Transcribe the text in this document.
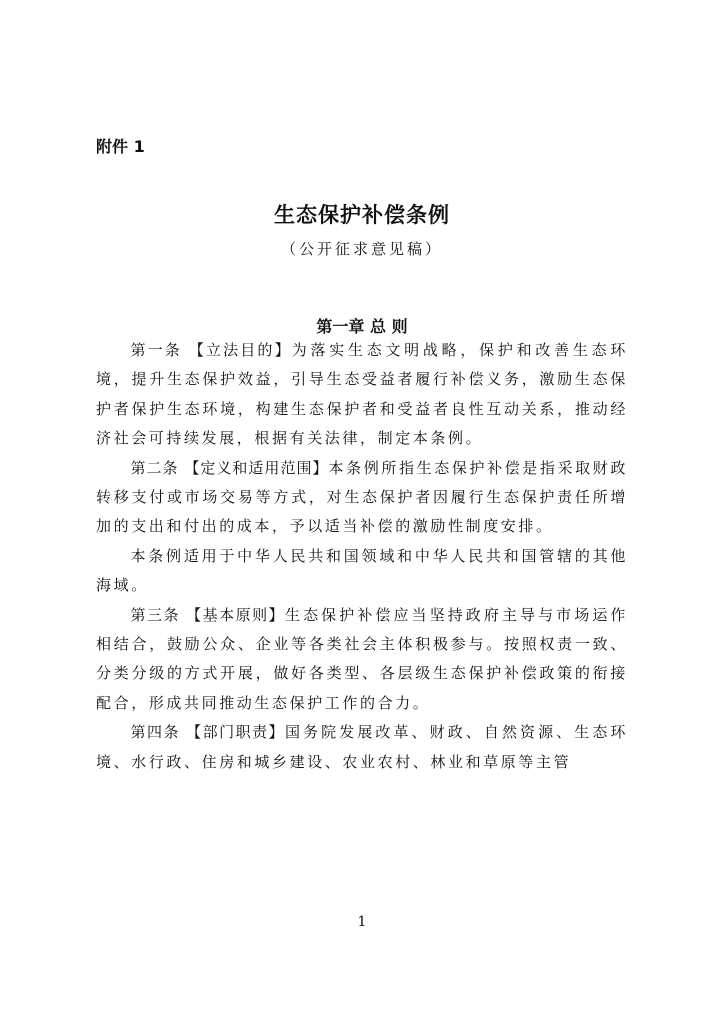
附件 1

生态保护补偿条例

（公开征求意见稿）

第一章 总 则

第一条 【立法目的】为落实生态文明战略，保护和改善生态环境，提升生态保护效益，引导生态受益者履行补偿义务，激励生态保护者保护生态环境，构建生态保护者和受益者良性互动关系，推动经济社会可持续发展，根据有关法律，制定本条例。

第二条 【定义和适用范围】本条例所指生态保护补偿是指采取财政转移支付或市场交易等方式，对生态保护者因履行生态保护责任所增加的支出和付出的成本，予以适当补偿的激励性制度安排。

本条例适用于中华人民共和国领域和中华人民共和国管辖的其他海域。

第三条 【基本原则】生态保护补偿应当坚持政府主导与市场运作相结合，鼓励公众、企业等各类社会主体积极参与。按照权责一致、分类分级的方式开展，做好各类型、各层级生态保护补偿政策的衔接配合，形成共同推动生态保护工作的合力。

第四条 【部门职责】国务院发展改革、财政、自然资源、生态环境、水行政、住房和城乡建设、农业农村、林业和草原等主管

1
